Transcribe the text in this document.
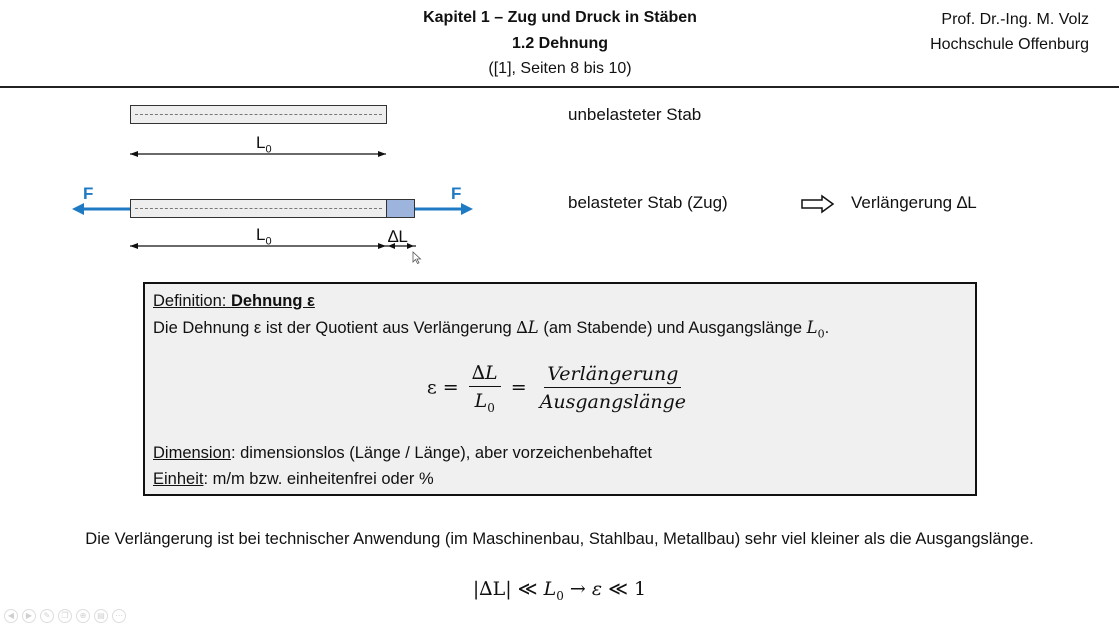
Kapitel 1 – Zug und Druck in Stäben
1.2 Dehnung
([1], Seiten 8 bis 10)
Prof. Dr.-Ing. M. Volz
Hochschule Offenburg
unbelasteter Stab
$L_0$
F	F	belasteter Stab (Zug)	Verlängerung ∆L
$L_0$	∆L
Definition: Dehnung ε
Die Dehnung ε ist der Quotient aus Verlängerung ∆L (am Stabende) und Ausgangslänge $L_0$.
$\varepsilon = \frac{\Delta L}{L_0} = \frac{\text{Verlängerung}}{\text{Ausgangslänge}}$
Dimension: dimensionslos (Länge / Länge), aber vorzeichenbehaftet
Einheit: m/m bzw. einheitenfrei oder %
Die Verlängerung ist bei technischer Anwendung (im Maschinenbau, Stahlbau, Metallbau) sehr viel kleiner als die Ausgangslänge.
|∆L| ≪ $L_0 \to \varepsilon$ ≪ 1
◀	▶	✎	❐	⊕	▤	⋯
